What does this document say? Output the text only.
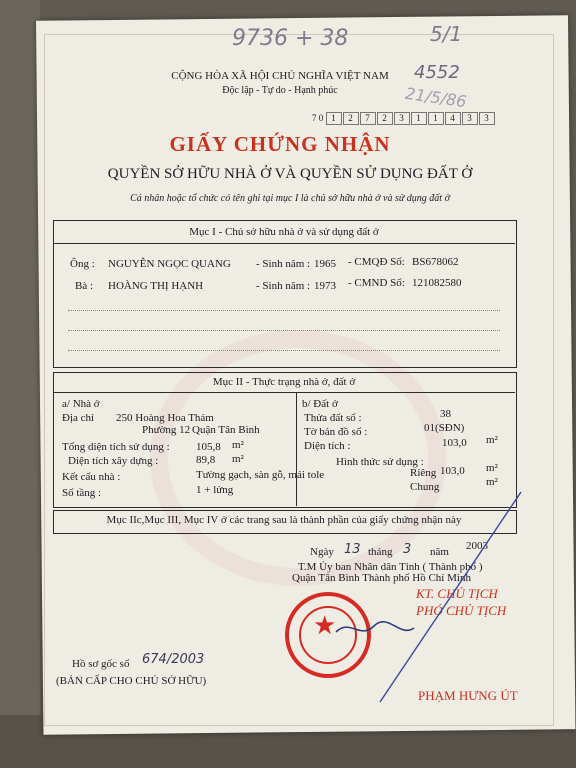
9736 + 38	5/1
4552
21/5/86
CỘNG HÒA XÃ HỘI CHỦ NGHĨA VIỆT NAM
Độc lập - Tự do - Hạnh phúc
7 0 1 2 7 2 3 1 1 4 3 3
GIẤY CHỨNG NHẬN
QUYỀN SỞ HỮU NHÀ Ở VÀ QUYỀN SỬ DỤNG ĐẤT Ở
Cá nhân hoặc tổ chức có tên ghi tại mục I là chủ sở hữu nhà ở và sử dụng đất ở
Mục I - Chủ sở hữu nhà ở và sử dụng đất ở
Ông : NGUYỄN NGỌC QUANG - Sinh năm : 1965 - CMQĐ Số: BS678062
Bà : HOÀNG THỊ HẠNH	- Sinh năm : 1973 - CMND Số: 121082580
Mục II - Thực trạng nhà ở, đất ở
a/ Nhà ở
Địa chỉ 250 Hoàng Hoa Thám
Phường 12 Quận Tân Bình
Tổng diện tích sử dụng : 105,8 m²
Diện tích xây dựng :	89,8 m²
Kết cấu nhà :	Tường gạch, sàn gỗ, mái tole
Số tầng :	1 + lửng
b/ Đất ở
Thửa đất số :	38
Tờ bản đồ số :	01(SĐN)
Diện tích :	103,0 m²
Hình thức sử dụng :
Riêng 103,0 m²
Chung	m²
Mục IIc,Mục III, Mục IV ở các trang sau là thành phần của giấy chứng nhận này
Ngày 13 tháng 3 năm 2003
T.M Ủy ban Nhân dân Tỉnh ( Thành phố )
Quận Tân Bình Thành phố Hồ Chí Minh
KT. CHỦ TỊCH
PHÓ CHỦ TỊCH
PHẠM HƯNG ÚT
★
Hồ sơ gốc số 674/2003
(BẢN CẤP CHO CHỦ SỞ HỮU)
